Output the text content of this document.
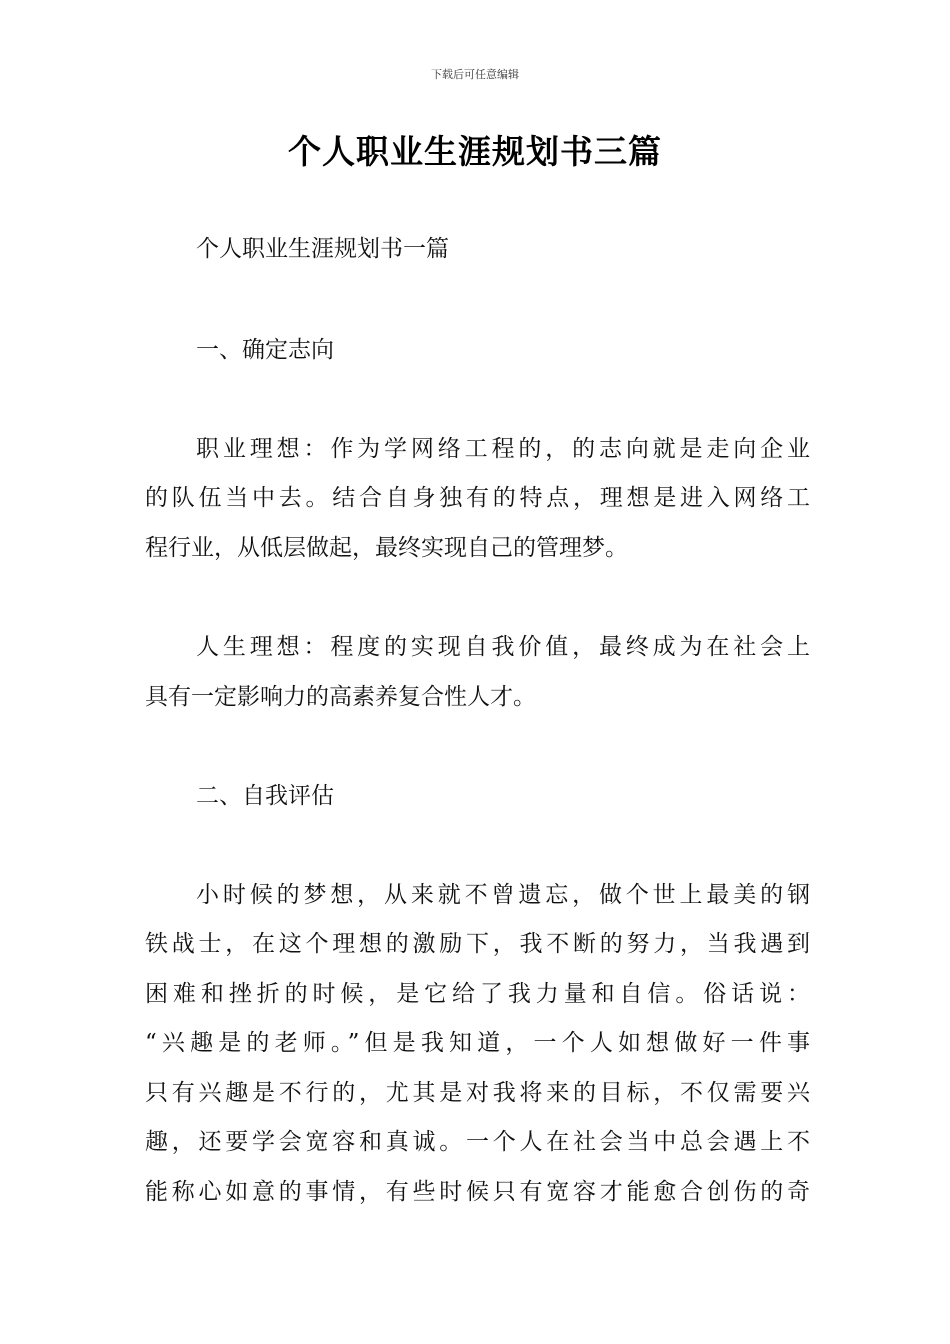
下载后可任意编辑
个人职业生涯规划书三篇
个人职业生涯规划书一篇
一、确定志向
职业理想：作为学网络工程的，的志向就是走向企业
的队伍当中去。结合自身独有的特点，理想是进入网络工
程行业，从低层做起，最终实现自己的管理梦。
人生理想：程度的实现自我价值，最终成为在社会上
具有一定影响力的高素养复合性人才。
二、自我评估
小时候的梦想，从来就不曾遗忘，做个世上最美的钢
铁战士，在这个理想的激励下，我不断的努力，当我遇到
困难和挫折的时候，是它给了我力量和自信。俗话说：
“兴趣是的老师。”但是我知道，一个人如想做好一件事
只有兴趣是不行的，尤其是对我将来的目标，不仅需要兴
趣，还要学会宽容和真诚。一个人在社会当中总会遇上不
能称心如意的事情，有些时候只有宽容才能愈合创伤的奇
